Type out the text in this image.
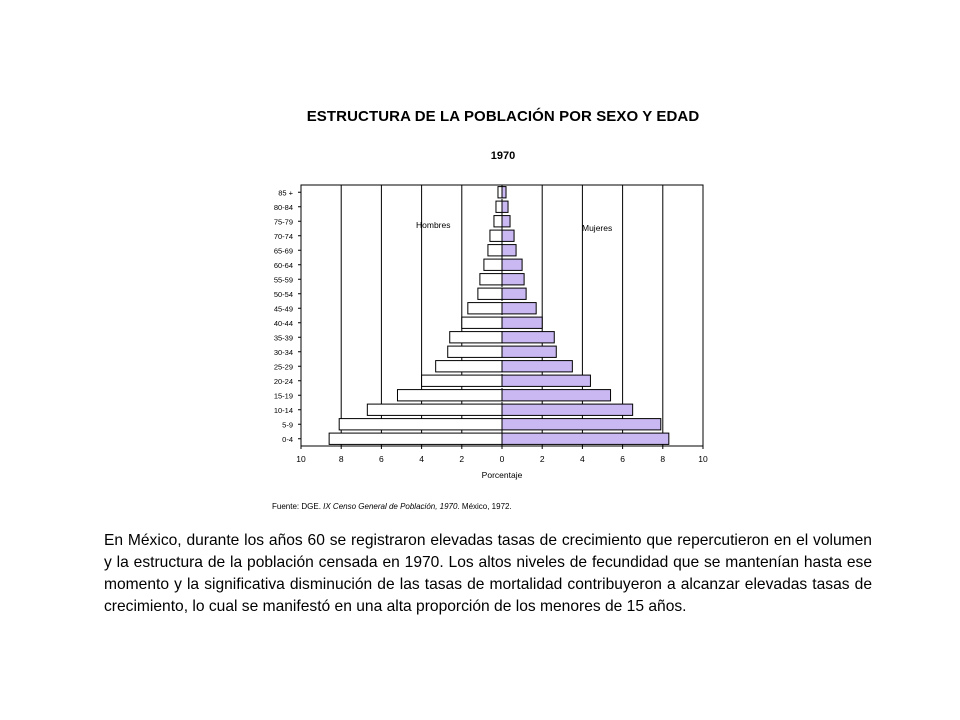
ESTRUCTURA DE LA POBLACIÓN POR SEXO Y EDAD
1970
10	8	6	4	2	0	2	4	6	8	10
85 +
80-84
75-79
70-74
65-69
60-64
55-59
50-54
45-49
40-44
35-39
30-34
25-29
20-24
15-19
10-14
5-9
0-4
Hombres	Mujeres
Porcentaje
Fuente: DGE. IX Censo General de Población, 1970. México, 1972.
En México, durante los años 60 se registraron elevadas tasas de crecimiento que repercutieron en el volumen y la estructura de la población censada en 1970. Los altos niveles de fecundidad que se mantenían hasta ese momento y la significativa disminución de las tasas de mortalidad contribuyeron a alcanzar elevadas tasas de crecimiento, lo cual se manifestó en una alta proporción de los menores de 15 años.
